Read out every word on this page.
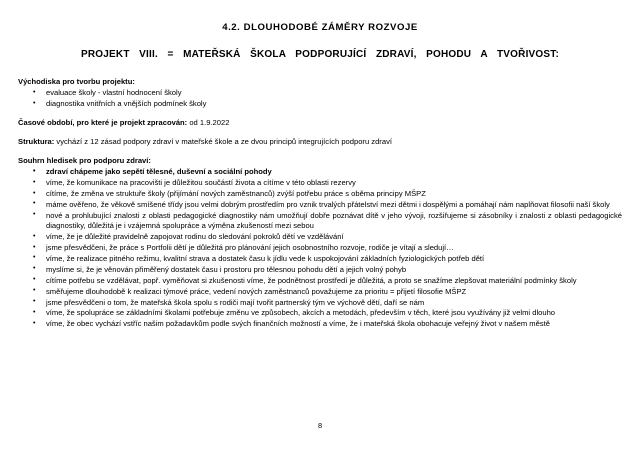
4.2. DLOUHODOBÉ ZÁMĚRY ROZVOJE
PROJEKT VIII. = MATEŘSKÁ ŠKOLA PODPORUJÍCÍ ZDRAVÍ, POHODU A TVOŘIVOST:
Východiska pro tvorbu projektu:
• evaluace školy - vlastní hodnocení školy
• diagnostika vnitřních a vnějších podmínek školy

Časové období, pro které je projekt zpracován: od 1.9.2022

Struktura: vychází z 12 zásad podpory zdraví v mateřské škole a ze dvou principů integrujících podporu zdraví

Souhrn hledisek pro podporu zdraví:
• zdraví chápeme jako sepětí tělesné, duševní a sociální pohody
• víme, že komunikace na pracovišti je důležitou součástí života a cítíme v této oblasti rezervy
• cítíme, že změna ve struktuře školy (přijímání nových zaměstnanců) zvýší potřebu práce s oběma principy MŠPZ
• máme ověřeno, že věkově smíšené třídy jsou velmi dobrým prostředím pro vznik trvalých přátelství mezi dětmi i dospělými a pomáhají nám naplňovat filosofii naší školy
• nové a prohlubující znalosti z oblasti pedagogické diagnostiky nám umožňují dobře poznávat dítě v jeho vývoji, rozšiřujeme si zásobníky i znalosti z oblasti pedagogické diagnostiky, důležitá je i vzájemná spolupráce a výměna zkušeností mezi sebou
• víme, že je důležité pravidelně zapojovat rodinu do sledování pokroků dětí ve vzdělávání
• jsme přesvědčeni, že práce s Portfolii dětí je důležitá pro plánování jejich osobnostního rozvoje, rodiče je vítají a sledují…
• víme, že realizace pitného režimu, kvalitní strava a dostatek času k jídlu vede k uspokojování základních fyziologických potřeb dětí
• myslíme si, že je věnován přiměřený dostatek času i prostoru pro tělesnou pohodu dětí a jejich volný pohyb
• cítíme potřebu se vzdělávat, popř. vyměňovat si zkušenosti víme, že podnětnost prostředí je důležitá, a proto se snažíme zlepšovat materiální podmínky školy
• směřujeme dlouhodobě k realizaci týmové práce, vedení nových zaměstnanců považujeme za prioritu = přijetí filosofie MŠPZ
• jsme přesvědčeni o tom, že mateřská škola spolu s rodiči mají tvořit partnerský tým ve výchově dětí, daří se nám
• víme, že spolupráce se základními školami potřebuje změnu ve způsobech, akcích a metodách, především v těch, které jsou využívány již velmi dlouho
• víme, že obec vychází vstříc našim požadavkům podle svých finančních možností a víme, že i mateřská škola obohacuje veřejný život v našem městě
8
